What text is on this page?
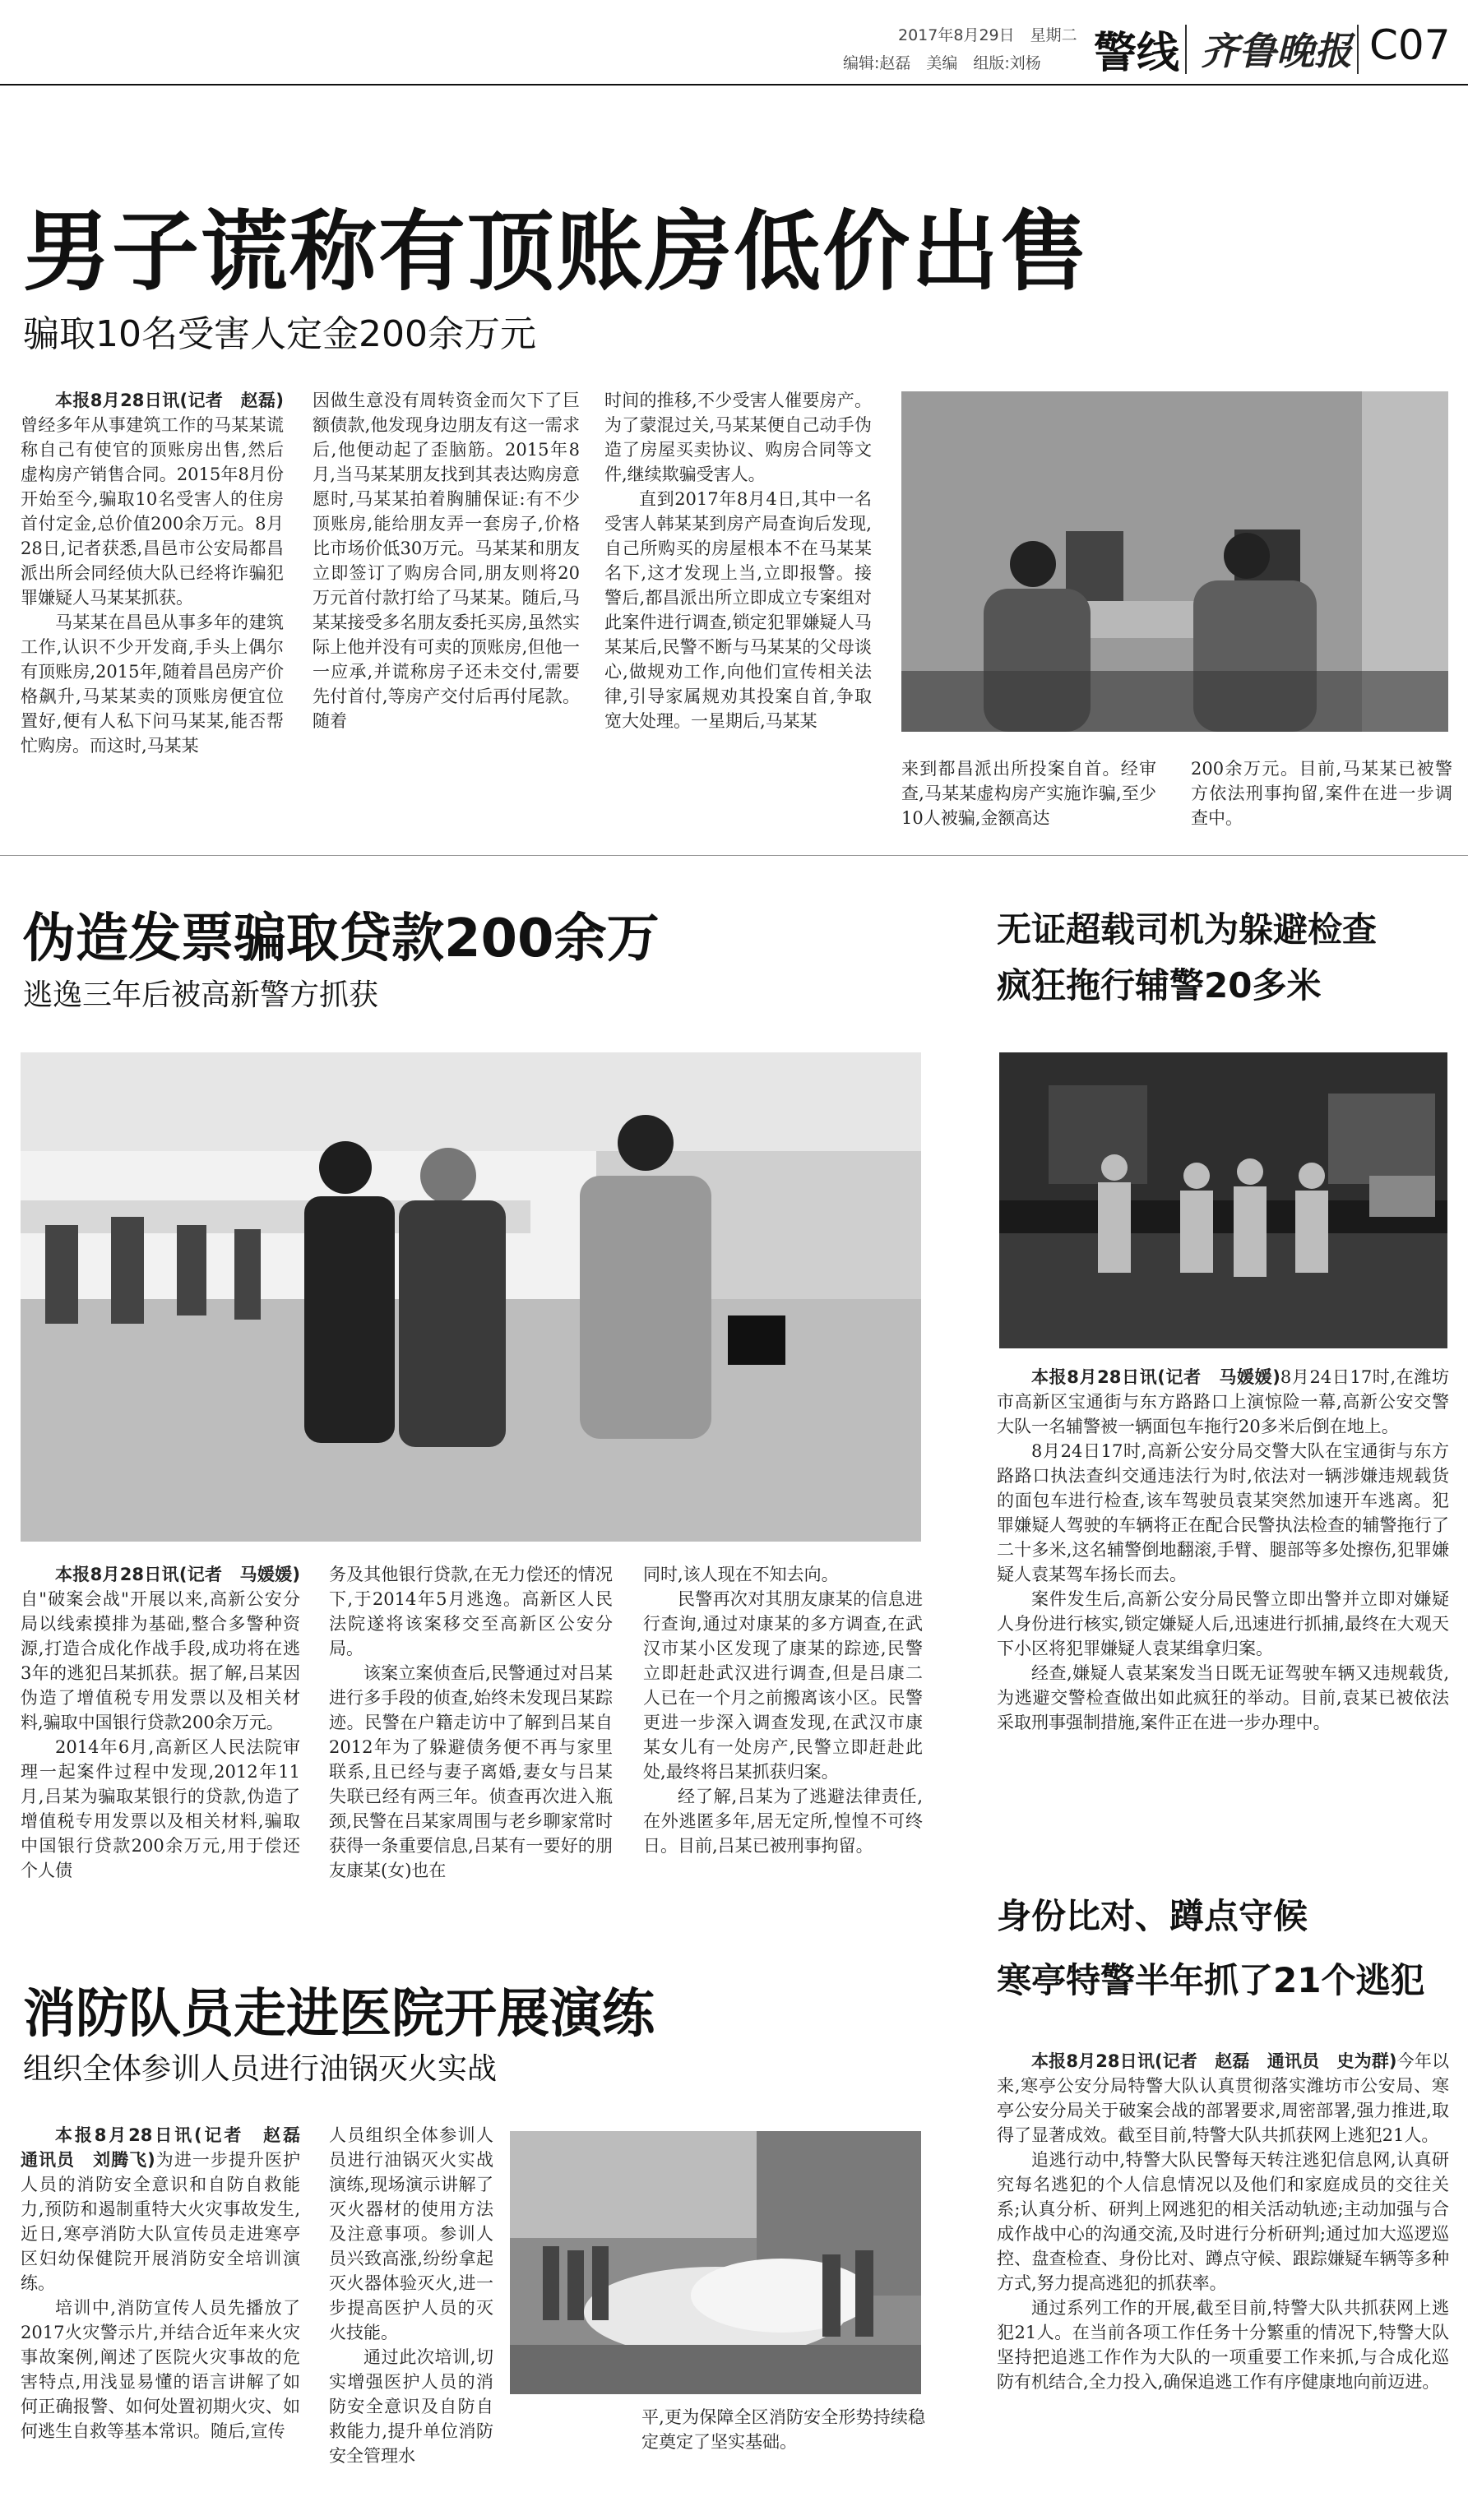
2017年8月29日　星期二
编辑:赵磊　美编　组版:刘杨 警线 齐鲁晚报 C07
男子谎称有顶账房低价出售
骗取10名受害人定金200余万元

本报8月28日讯(记者　赵磊)曾经多年从事建筑工作的马某某谎称自己有使官的顶账房出售,然后虚构房产销售合同。2015年8月份开始至今,骗取10名受害人的住房首付定金,总价值200余万元。8月28日,记者获悉,昌邑市公安局都昌派出所会同经侦大队已经将诈骗犯罪嫌疑人马某某抓获。

马某某在昌邑从事多年的建筑工作,认识不少开发商,手头上偶尔有顶账房,2015年,随着昌邑房产价格飙升,马某某卖的顶账房便宜位置好,便有人私下问马某某,能否帮忙购房。而这时,马某某

因做生意没有周转资金而欠下了巨额债款,他发现身边朋友有这一需求后,他便动起了歪脑筋。2015年8月,当马某某朋友找到其表达购房意愿时,马某某拍着胸脯保证:有不少顶账房,能给朋友弄一套房子,价格比市场价低30万元。马某某和朋友立即签订了购房合同,朋友则将20万元首付款打给了马某某。随后,马某某接受多名朋友委托买房,虽然实际上他并没有可卖的顶账房,但他一一应承,并谎称房子还未交付,需要先付首付,等房产交付后再付尾款。随着

时间的推移,不少受害人催要房产。为了蒙混过关,马某某便自己动手伪造了房屋买卖协议、购房合同等文件,继续欺骗受害人。

直到2017年8月4日,其中一名受害人韩某某到房产局查询后发现,自己所购买的房屋根本不在马某某名下,这才发现上当,立即报警。接警后,都昌派出所立即成立专案组对此案件进行调查,锁定犯罪嫌疑人马某某后,民警不断与马某某的父母谈心,做规劝工作,向他们宣传相关法律,引导家属规劝其投案自首,争取宽大处理。一星期后,马某某

来到都昌派出所投案自首。经审查,马某某虚构房产实施诈骗,至少10人被骗,金额高达

200余万元。目前,马某某已被警方依法刑事拘留,案件在进一步调查中。

伪造发票骗取贷款200余万
逃逸三年后被高新警方抓获

本报8月28日讯(记者　马媛媛)自"破案会战"开展以来,高新公安分局以线索摸排为基础,整合多警种资源,打造合成化作战手段,成功将在逃3年的逃犯吕某抓获。据了解,吕某因伪造了增值税专用发票以及相关材料,骗取中国银行贷款200余万元。

2014年6月,高新区人民法院审理一起案件过程中发现,2012年11月,吕某为骗取某银行的贷款,伪造了增值税专用发票以及相关材料,骗取中国银行贷款200余万元,用于偿还个人债

务及其他银行贷款,在无力偿还的情况下,于2014年5月逃逸。高新区人民法院遂将该案移交至高新区公安分局。

该案立案侦查后,民警通过对吕某进行多手段的侦查,始终未发现吕某踪迹。民警在户籍走访中了解到吕某自2012年为了躲避债务便不再与家里联系,且已经与妻子离婚,妻女与吕某失联已经有两三年。侦查再次进入瓶颈,民警在吕某家周围与老乡聊家常时获得一条重要信息,吕某有一要好的朋友康某(女)也在

同时,该人现在不知去向。

民警再次对其朋友康某的信息进行查询,通过对康某的多方调查,在武汉市某小区发现了康某的踪迹,民警立即赶赴武汉进行调查,但是吕康二人已在一个月之前搬离该小区。民警更进一步深入调查发现,在武汉市康某女儿有一处房产,民警立即赶赴此处,最终将吕某抓获归案。

经了解,吕某为了逃避法律责任,在外逃匿多年,居无定所,惶惶不可终日。目前,吕某已被刑事拘留。

消防队员走进医院开展演练
组织全体参训人员进行油锅灭火实战

本报8月28日讯(记者　赵磊　通讯员　刘腾飞)为进一步提升医护人员的消防安全意识和自防自救能力,预防和遏制重特大火灾事故发生,近日,寒亭消防大队宣传员走进寒亭区妇幼保健院开展消防安全培训演练。

培训中,消防宣传人员先播放了2017火灾警示片,并结合近年来火灾事故案例,阐述了医院火灾事故的危害特点,用浅显易懂的语言讲解了如何正确报警、如何处置初期火灾、如何逃生自救等基本常识。随后,宣传

人员组织全体参训人员进行油锅灭火实战演练,现场演示讲解了灭火器材的使用方法及注意事项。参训人员兴致高涨,纷纷拿起灭火器体验灭火,进一步提高医护人员的灭火技能。

通过此次培训,切实增强医护人员的消防安全意识及自防自救能力,提升单位消防安全管理水

平,更为保障全区消防安全形势持续稳定奠定了坚实基础。

无证超载司机为躲避检查
疯狂拖行辅警20多米

本报8月28日讯(记者　马媛媛)8月24日17时,在潍坊市高新区宝通街与东方路路口上演惊险一幕,高新公安交警大队一名辅警被一辆面包车拖行20多米后倒在地上。

8月24日17时,高新公安分局交警大队在宝通街与东方路路口执法查纠交通违法行为时,依法对一辆涉嫌违规载货的面包车进行检查,该车驾驶员袁某突然加速开车逃离。犯罪嫌疑人驾驶的车辆将正在配合民警执法检查的辅警拖行了二十多米,这名辅警倒地翻滚,手臂、腿部等多处擦伤,犯罪嫌疑人袁某驾车扬长而去。

案件发生后,高新公安分局民警立即出警并立即对嫌疑人身份进行核实,锁定嫌疑人后,迅速进行抓捕,最终在大观天下小区将犯罪嫌疑人袁某缉拿归案。

经查,嫌疑人袁某案发当日既无证驾驶车辆又违规载货,为逃避交警检查做出如此疯狂的举动。目前,袁某已被依法采取刑事强制措施,案件正在进一步办理中。

身份比对、蹲点守候
寒亭特警半年抓了21个逃犯

本报8月28日讯(记者　赵磊　通讯员　史为群)今年以来,寒亭公安分局特警大队认真贯彻落实潍坊市公安局、寒亭公安分局关于破案会战的部署要求,周密部署,强力推进,取得了显著成效。截至目前,特警大队共抓获网上逃犯21人。

追逃行动中,特警大队民警每天转注逃犯信息网,认真研究每名逃犯的个人信息情况以及他们和家庭成员的交往关系;认真分析、研判上网逃犯的相关活动轨迹;主动加强与合成作战中心的沟通交流,及时进行分析研判;通过加大巡逻巡控、盘查检查、身份比对、蹲点守候、跟踪嫌疑车辆等多种方式,努力提高逃犯的抓获率。

通过系列工作的开展,截至目前,特警大队共抓获网上逃犯21人。在当前各项工作任务十分繁重的情况下,特警大队坚持把追逃工作作为大队的一项重要工作来抓,与合成化巡防有机结合,全力投入,确保追逃工作有序健康地向前迈进。
